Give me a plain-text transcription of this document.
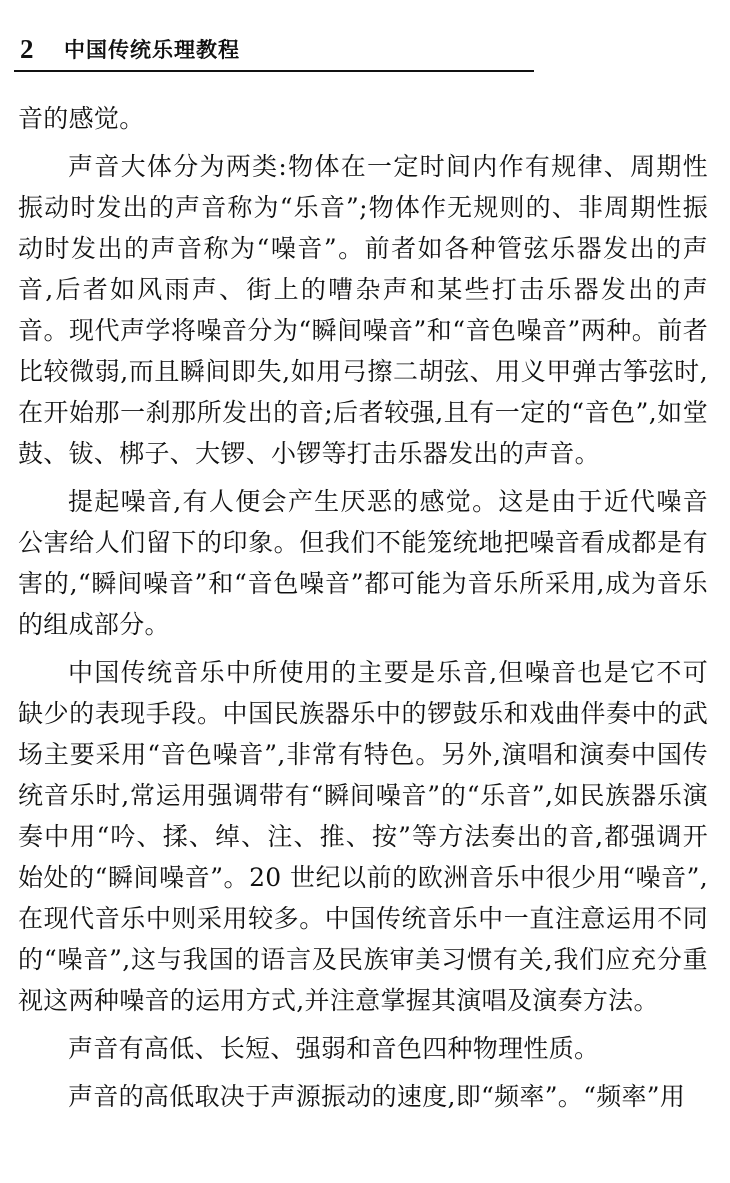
2 中国传统乐理教程

音的感觉。

声音大体分为两类:物体在一定时间内作有规律、周期性振动时发出的声音称为“乐音”;物体作无规则的、非周期性振动时发出的声音称为“噪音”。前者如各种管弦乐器发出的声音,后者如风雨声、街上的嘈杂声和某些打击乐器发出的声音。现代声学将噪音分为“瞬间噪音”和“音色噪音”两种。前者比较微弱,而且瞬间即失,如用弓擦二胡弦、用义甲弹古筝弦时,在开始那一刹那所发出的音;后者较强,且有一定的“音色”,如堂鼓、钹、梆子、大锣、小锣等打击乐器发出的声音。

提起噪音,有人便会产生厌恶的感觉。这是由于近代噪音公害给人们留下的印象。但我们不能笼统地把噪音看成都是有害的,“瞬间噪音”和“音色噪音”都可能为音乐所采用,成为音乐的组成部分。

中国传统音乐中所使用的主要是乐音,但噪音也是它不可缺少的表现手段。中国民族器乐中的锣鼓乐和戏曲伴奏中的武场主要采用“音色噪音”,非常有特色。另外,演唱和演奏中国传统音乐时,常运用强调带有“瞬间噪音”的“乐音”,如民族器乐演奏中用“吟、揉、绰、注、推、按”等方法奏出的音,都强调开始处的“瞬间噪音”。20 世纪以前的欧洲音乐中很少用“噪音”,在现代音乐中则采用较多。中国传统音乐中一直注意运用不同的“噪音”,这与我国的语言及民族审美习惯有关,我们应充分重视这两种噪音的运用方式,并注意掌握其演唱及演奏方法。

声音有高低、长短、强弱和音色四种物理性质。

声音的高低取决于声源振动的速度,即“频率”。“频率”用
